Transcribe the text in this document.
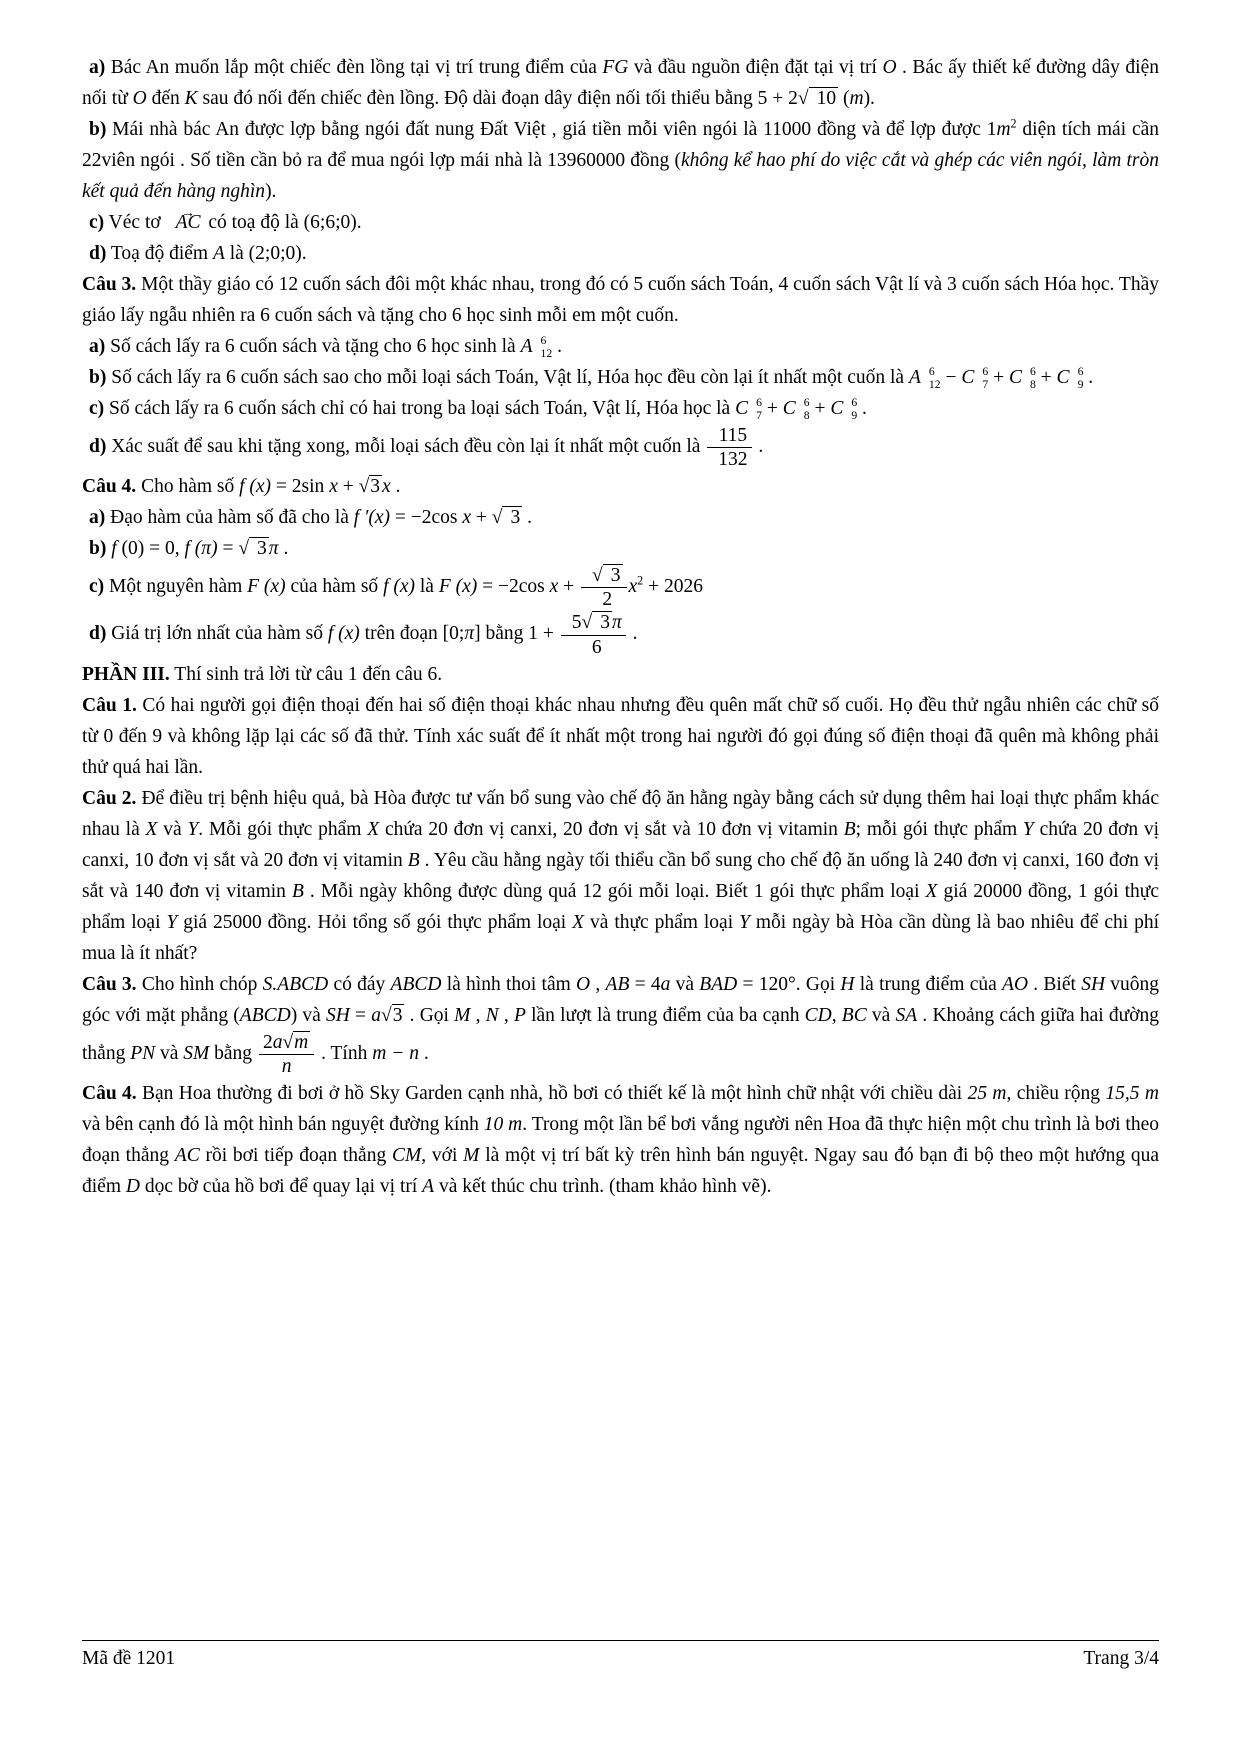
a) Bác An muốn lắp một chiếc đèn lồng tại vị trí trung điểm của FG và đầu nguồn điện đặt tại vị trí O . Bác ấy thiết kế đường dây điện nối từ O đến K sau đó nối đến chiếc đèn lồng. Độ dài đoạn dây điện nối tối thiểu bằng 5 + 2√ 10 (m).

b) Mái nhà bác An được lợp bằng ngói đất nung Đất Việt , giá tiền mỗi viên ngói là 11000 đồng và để lợp được $1m^2$ diện tích mái cần 22viên ngói . Số tiền cần bỏ ra để mua ngói lợp mái nhà là 13960000 đồng (không kể hao phí do việc cắt và ghép các viên ngói, làm tròn kết quả đến hàng nghìn).

c) Véc tơ AC → có toạ độ là (6;6;0).

d) Toạ độ điểm A là (2;0;0).

Câu 3. Một thầy giáo có 12 cuốn sách đôi một khác nhau, trong đó có 5 cuốn sách Toán, 4 cuốn sách Vật lí và 3 cuốn sách Hóa học. Thầy giáo lấy ngẫu nhiên ra 6 cuốn sách và tặng cho 6 học sinh mỗi em một cuốn.

a) Số cách lấy ra 6 cuốn sách và tặng cho 6 học sinh là A 6
12 .

b) Số cách lấy ra 6 cuốn sách sao cho mỗi loại sách Toán, Vật lí, Hóa học đều còn lại ít nhất một cuốn là A 6
12 − C 6
7 + C 6
8 + C 6
9 .

c) Số cách lấy ra 6 cuốn sách chỉ có hai trong ba loại sách Toán, Vật lí, Hóa học là C 6
7 + C 6
8 + C 6
9 .

d) Xác suất để sau khi tặng xong, mỗi loại sách đều còn lại ít nhất một cuốn là $\frac{115}{132}$ .

Câu 4. Cho hàm số f (x) = 2sin x + √3 x .

a) Đạo hàm của hàm số đã cho là f ′(x) = −2cos x + √ 3 .

b) f (0) = 0, f (π) = √ 3 π .

c) Một nguyên hàm F (x) của hàm số f (x) là F (x) = −2cos $x + \frac{√ 3}{2} x^2 + 2026$

d) Giá trị lớn nhất của hàm số f (x) trên đoạn [0;π] bằng $1 + \frac{5√ 3 \pi}{6}$ .

PHẦN III. Thí sinh trả lời từ câu 1 đến câu 6.

Câu 1. Có hai người gọi điện thoại đến hai số điện thoại khác nhau nhưng đều quên mất chữ số cuối. Họ đều thử ngẫu nhiên các chữ số từ 0 đến 9 và không lặp lại các số đã thử. Tính xác suất để ít nhất một trong hai người đó gọi đúng số điện thoại đã quên mà không phải thử quá hai lần.

Câu 2. Để điều trị bệnh hiệu quả, bà Hòa được tư vấn bổ sung vào chế độ ăn hằng ngày bằng cách sử dụng thêm hai loại thực phẩm khác nhau là X và Y. Mỗi gói thực phẩm X chứa 20 đơn vị canxi, 20 đơn vị sắt và 10 đơn vị vitamin B; mỗi gói thực phẩm Y chứa 20 đơn vị canxi, 10 đơn vị sắt và 20 đơn vị vitamin B . Yêu cầu hằng ngày tối thiểu cần bổ sung cho chế độ ăn uống là 240 đơn vị canxi, 160 đơn vị sắt và 140 đơn vị vitamin B . Mỗi ngày không được dùng quá 12 gói mỗi loại. Biết 1 gói thực phẩm loại X giá 20000 đồng, 1 gói thực phẩm loại Y giá 25000 đồng. Hỏi tổng số gói thực phẩm loại X và thực phẩm loại Y mỗi ngày bà Hòa cần dùng là bao nhiêu để chi phí mua là ít nhất?

Câu 3. Cho hình chóp S.ABCD có đáy ABCD là hình thoi tâm O , AB = 4a và BAD = 120°. Gọi H là trung điểm của AO . Biết SH vuông góc với mặt phẳng (ABCD) và SH = a√3 . Gọi M , N , P lần lượt là trung điểm của ba cạnh CD, BC và SA . Khoảng cách giữa hai đường thẳng PN và SM bằng $\frac{2a√m}{n}$ . Tính m − n .

Câu 4. Bạn Hoa thường đi bơi ở hồ Sky Garden cạnh nhà, hồ bơi có thiết kế là một hình chữ nhật với chiều dài 25 m, chiều rộng 15,5 m và bên cạnh đó là một hình bán nguyệt đường kính 10 m. Trong một lần bể bơi vắng người nên Hoa đã thực hiện một chu trình là bơi theo đoạn thẳng AC rồi bơi tiếp đoạn thẳng CM, với M là một vị trí bất kỳ trên hình bán nguyệt. Ngay sau đó bạn đi bộ theo một hướng qua điểm D dọc bờ của hồ bơi để quay lại vị trí A và kết thúc chu trình. (tham khảo hình vẽ).

Mã đề 1201	Trang 3/4
